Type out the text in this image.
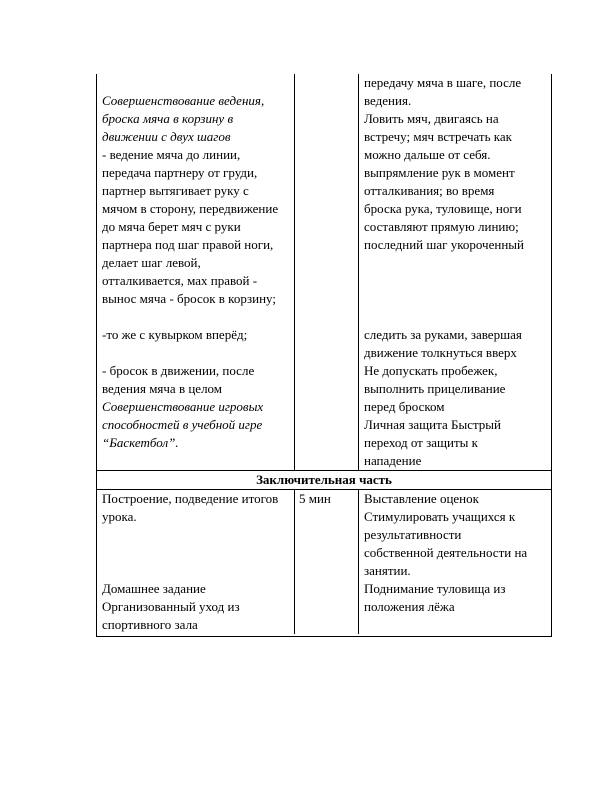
Совершенствование ведения,
броска мяча в корзину в
движении с двух шагов
- ведение мяча до линии,
передача партнеру от груди,
партнер вытягивает руку с
мячом в сторону, передвижение
до мяча берет мяч с руки
партнера под шаг правой ноги,
делает шаг левой,
отталкивается, мах правой -
вынос мяча - бросок в корзину;
-то же с кувырком вперёд;
- бросок в движении, после
ведения мяча в целом
Совершенствование игровых
способностей в учебной игре
“Баскетбол”.
передачу мяча в шаге, после
ведения.
Ловить мяч, двигаясь на
встречу; мяч встречать как
можно дальше от себя.
выпрямление рук в момент
отталкивания; во время
броска рука, туловище, ноги
составляют прямую линию;
последний шаг укороченный
следить за руками, завершая
движение толкнуться вверх
Не допускать пробежек,
выполнить прицеливание
перед броском
Личная защита Быстрый
переход от защиты к
нападение
Заключительная часть
Построение, подведение итогов
урока.
Домашнее задание
Организованный уход из
спортивного зала
5 мин	Выставление оценок
Стимулировать учащихся к
результативности
собственной деятельности на
занятии.
Поднимание туловища из
положения лёжа
